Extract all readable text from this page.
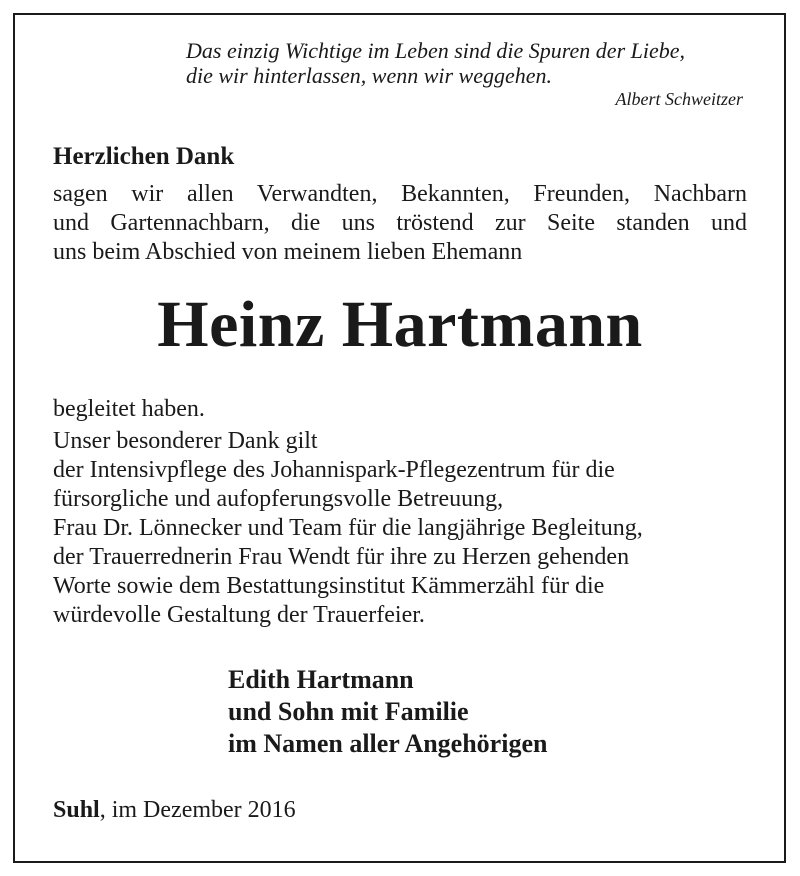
Das einzig Wichtige im Leben sind die Spuren der Liebe,
die wir hinterlassen, wenn wir weggehen.
Albert Schweitzer
Herzlichen Dank
sagen wir allen Verwandten, Bekannten, Freunden, Nachbarn
und Gartennachbarn, die uns tröstend zur Seite standen und
uns beim Abschied von meinem lieben Ehemann
Heinz Hartmann
begleitet haben.
Unser besonderer Dank gilt
der Intensivpflege des Johannispark-Pflegezentrum für die
fürsorgliche und aufopferungsvolle Betreuung,
Frau Dr. Lönnecker und Team für die langjährige Begleitung,
der Trauerrednerin Frau Wendt für ihre zu Herzen gehenden
Worte sowie dem Bestattungsinstitut Kämmerzähl für die
würdevolle Gestaltung der Trauerfeier.
Edith Hartmann
und Sohn mit Familie
im Namen aller Angehörigen
Suhl, im Dezember 2016
